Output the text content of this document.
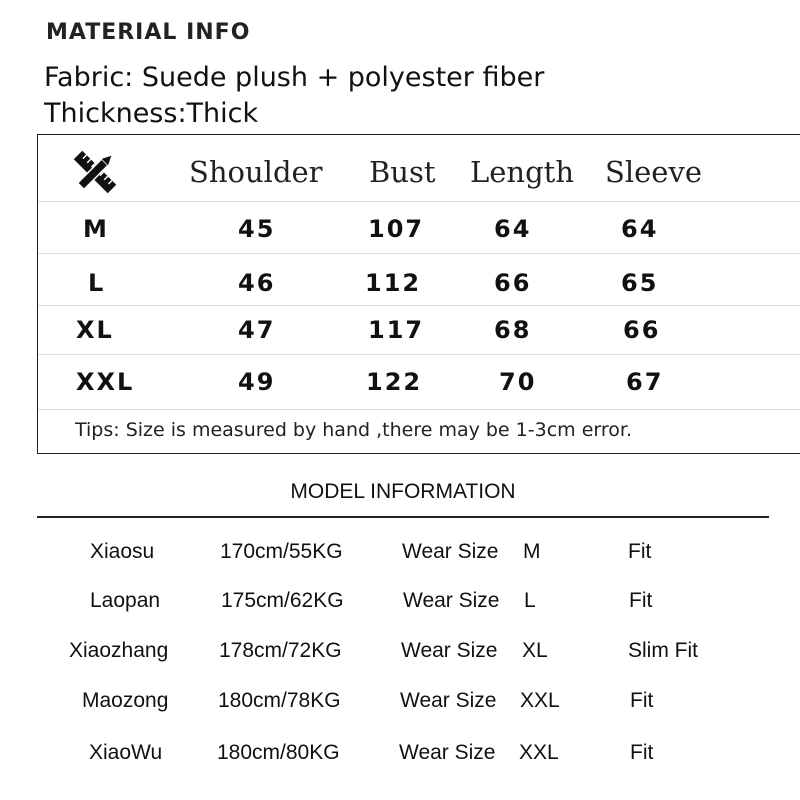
MATERIAL INFO
Fabric: Suede plush + polyester fiber
Thickness:Thick
Shoulder Bust Length Sleeve
M	45	107	64	64
L	46	112	66	65
XL	47	117	68	66
XXL	49	122	70	67
Tips: Size is measured by hand ,there may be 1-3cm error.
MODEL INFORMATION
Xiaosu	170cm/55KG	Wear Size M	Fit
Laopan	175cm/62KG	Wear Size L	Fit
Xiaozhang 178cm/72KG	Wear Size XL	Slim Fit
Maozong 180cm/78KG	Wear Size XXL	Fit
XiaoWu	180cm/80KG	Wear Size XXL	Fit
